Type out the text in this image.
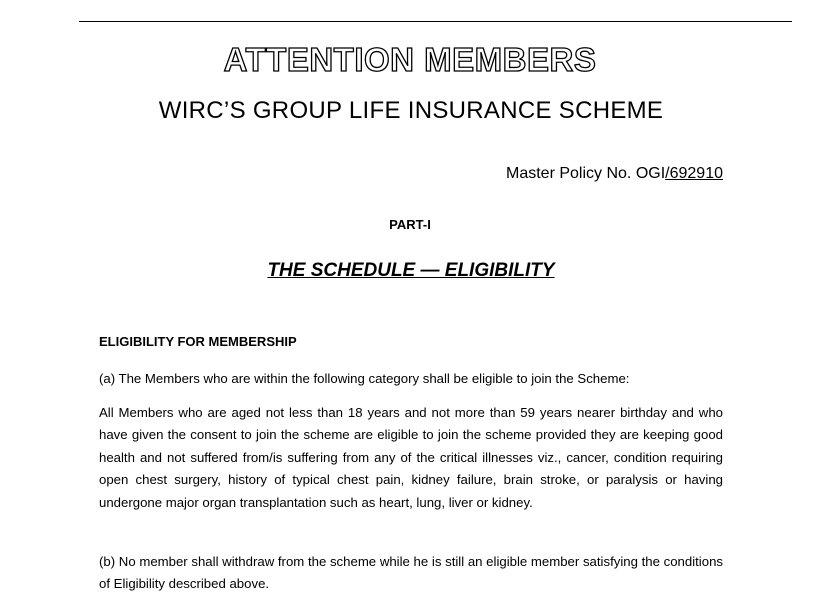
ATTENTION MEMBERS
WIRC’S GROUP LIFE INSURANCE SCHEME
Master Policy No. OGI/692910
PART-I
THE SCHEDULE — ELIGIBILITY
ELIGIBILITY FOR MEMBERSHIP

(a) The Members who are within the following category shall be eligible to join the Scheme:

All Members who are aged not less than 18 years and not more than 59 years nearer birthday and who have given the consent to join the scheme are eligible to join the scheme provided they are keeping good health and not suffered from/is suffering from any of the critical illnesses viz., cancer, condition requiring open chest surgery, history of typical chest pain, kidney failure, brain stroke, or paralysis or having undergone major organ transplantation such as heart, lung, liver or kidney.

(b) No member shall withdraw from the scheme while he is still an eligible member satisfying the conditions of Eligibility described above.
